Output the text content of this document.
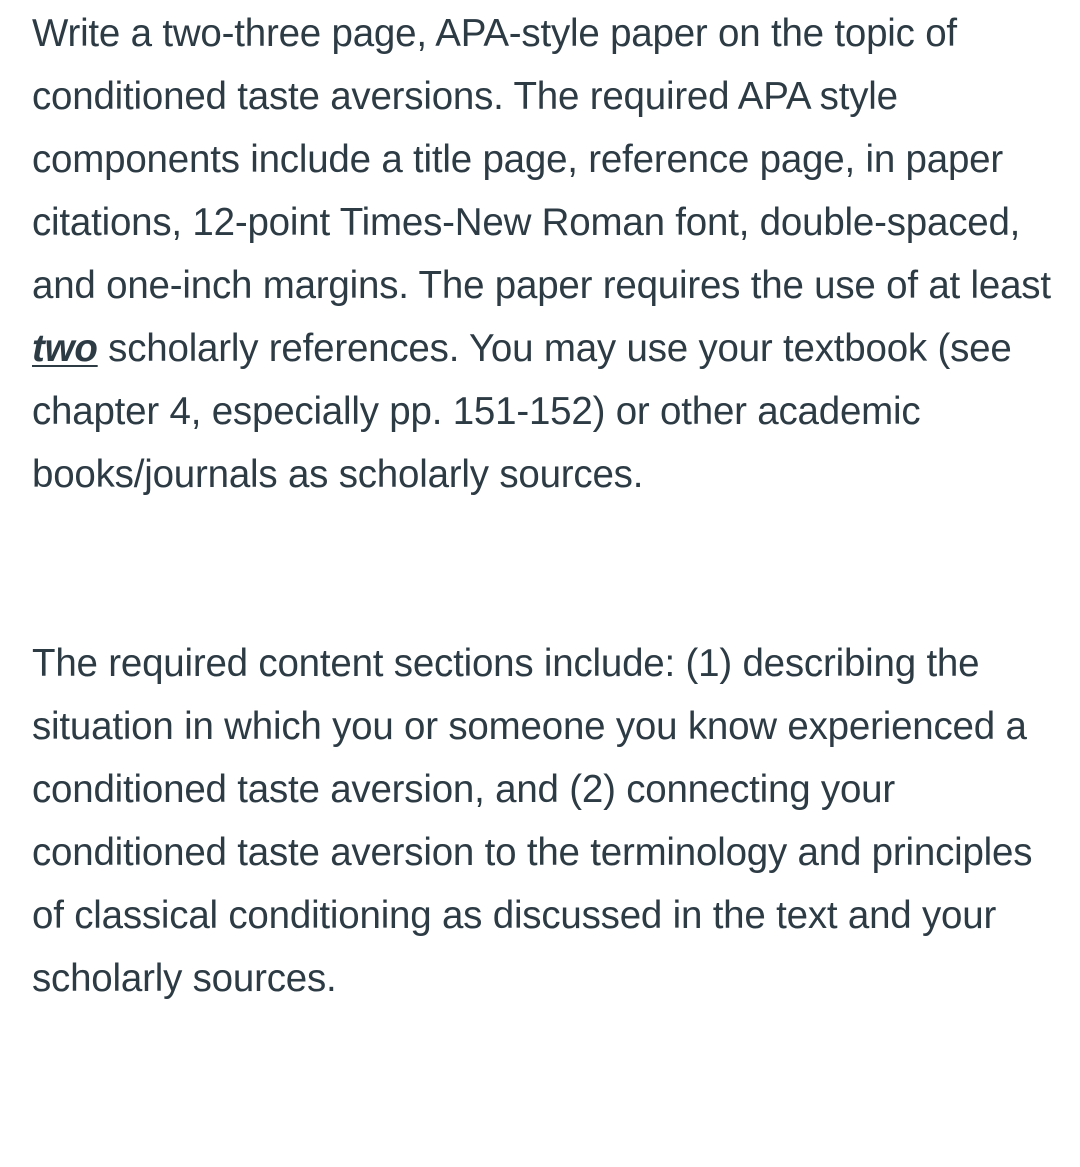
Write a two-three page, APA-style paper on the topic of conditioned taste aversions. The required APA style components include a title page, reference page, in paper citations, 12-point Times-New Roman font, double-spaced, and one-inch margins. The paper requires the use of at least two scholarly references. You may use your textbook (see chapter 4, especially pp. 151-152) or other academic books/journals as scholarly sources.

The required content sections include: (1) describing the situation in which you or someone you know experienced a conditioned taste aversion, and (2) connecting your conditioned taste aversion to the terminology and principles of classical conditioning as discussed in the text and your scholarly sources.
